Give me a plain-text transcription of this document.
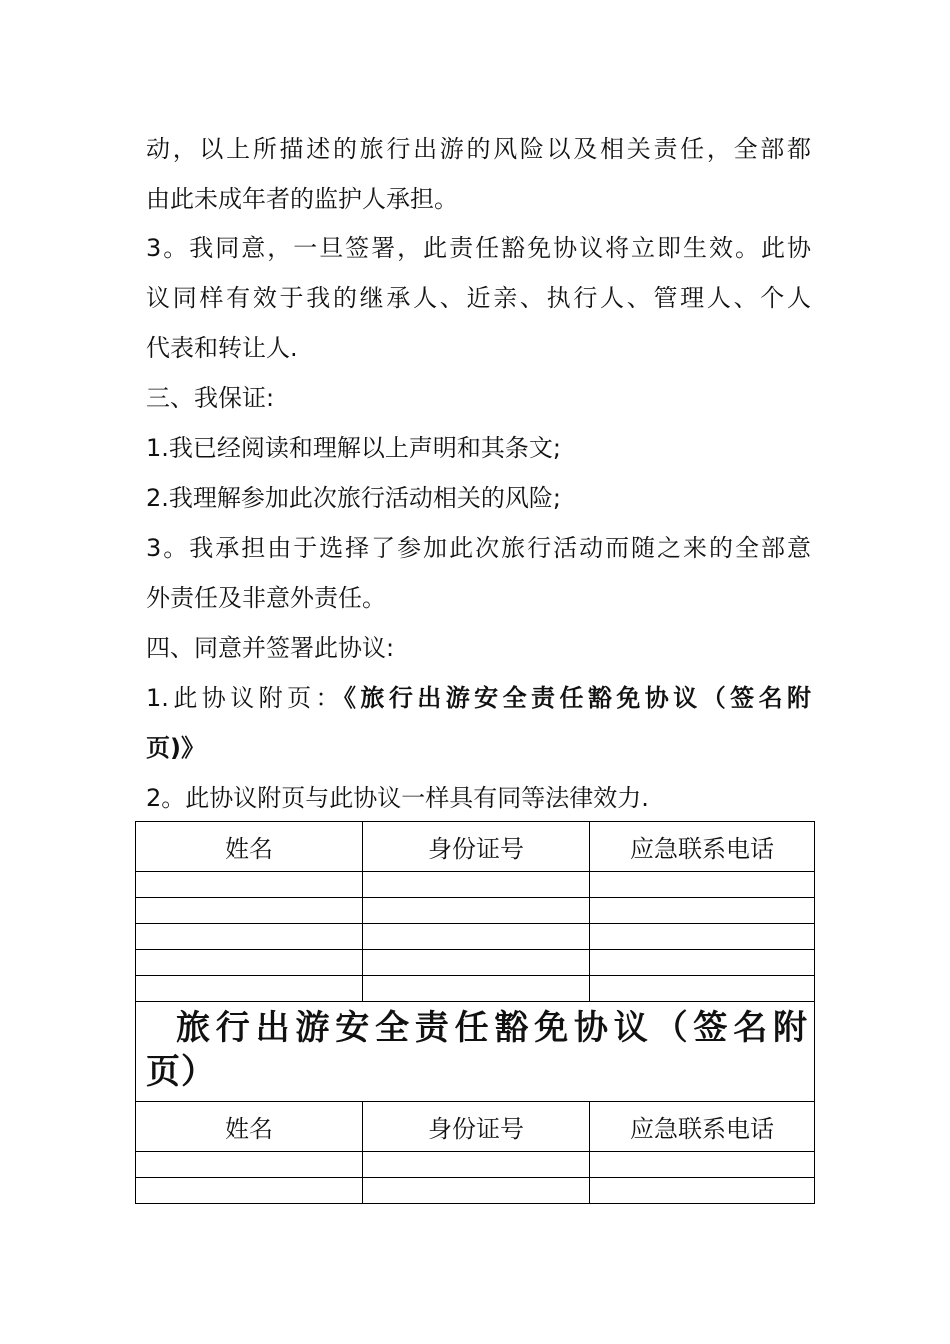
动，以上所描述的旅行出游的风险以及相关责任，全部都

由此未成年者的监护人承担。

3。我同意，一旦签署，此责任豁免协议将立即生效。此协

议同样有效于我的继承人、近亲、执行人、管理人、个人

代表和转让人.

三、我保证:

1.我已经阅读和理解以上声明和其条文;

2.我理解参加此次旅行活动相关的风险;

3。我承担由于选择了参加此次旅行活动而随之来的全部意

外责任及非意外责任。

四、同意并签署此协议:

1.此协议附页：《旅行出游安全责任豁免协议（签名附

页)》

2。此协议附页与此协议一样具有同等法律效力.

姓名	身份证号	应急联系电话

旅行出游安全责任豁免协议（签名附
页）		

姓名	身份证号	应急联系电话
